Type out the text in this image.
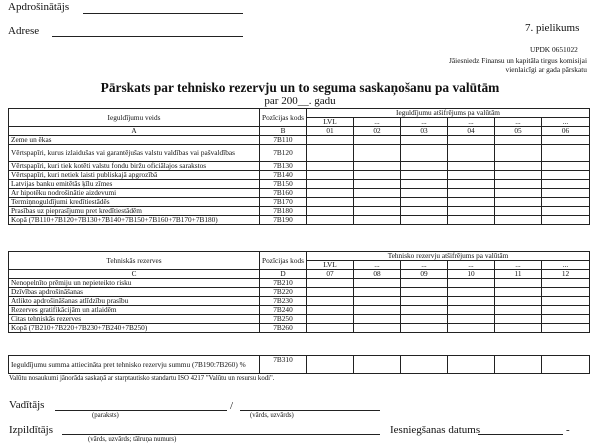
Apdrošinātājs
Adrese	7. pielikums
UPDK 0651022
Jāiesniedz Finansu un kapitāla tirgus komisijai
vienlaicīgi ar gada pārskatu
Pārskats par tehnisko rezervju un to seguma saskaņošanu pa valūtām
par 200__. gadu
Ieguldījumu veids	Pozīcijas kods	Ieguldījumu atšifrējums pa valūtām					
		LVL	...	...	...	...	...
A	B	01	02	03	04	05	06
Zeme un ēkas	7B110						
Vērtspapīri, kurus izlaidušas vai garantējušas valstu valdības vai pašvaldības	7B120						
Vērtspapīri, kuri tiek kotēti valstu fondu biržu oficiālajos sarakstos	7B130						
Vērtspapīri, kuri netiek laisti publiskajā apgrozībā	7B140						
Latvijas banku emitētās ķīlu zīmes	7B150						
Ar hipotēku nodrošinātie aizdevumi	7B160						
Termiņnoguldījumi kredītiestādēs	7B170						
Prasības uz pieprasījumu pret kredītiestādēm	7B180						
Kopā (7B110+7B120+7B130+7B140+7B150+7B160+7B170+7B180)	7B190						
Tehniskās rezerves	Pozīcijas kods	Tehnisko rezervju atšifrējums pa valūtām					
		LVL	...	...	...	...	...
C	D	07	08	09	10	11	12
Nenopelnīto prēmiju un nepieteikto risku	7B210						
Dzīvības apdrošināšanas	7B220						
Atlikto apdrošināšanas atlīdzību prasību	7B230						
Rezerves gratifikācijām un atlaidēm	7B240						
Citas tehniskās rezerves	7B250						
Kopā (7B210+7B220+7B230+7B240+7B250)	7B260						
Ieguldījumu summa attiecināta pret tehnisko rezervju summu (7B190:7B260) %	7B310						
Valūtu nosaukumi jānorāda saskaņā ar starptautisko standartu ISO 4217 "Valūtu un resursu kodi".
Vadītājs	/
(paraksts)	(vārds, uzvārds)
Izpildītājs
(vārds, uzvārds; tālruņa numurs)
Iesniegšanas datums	-
